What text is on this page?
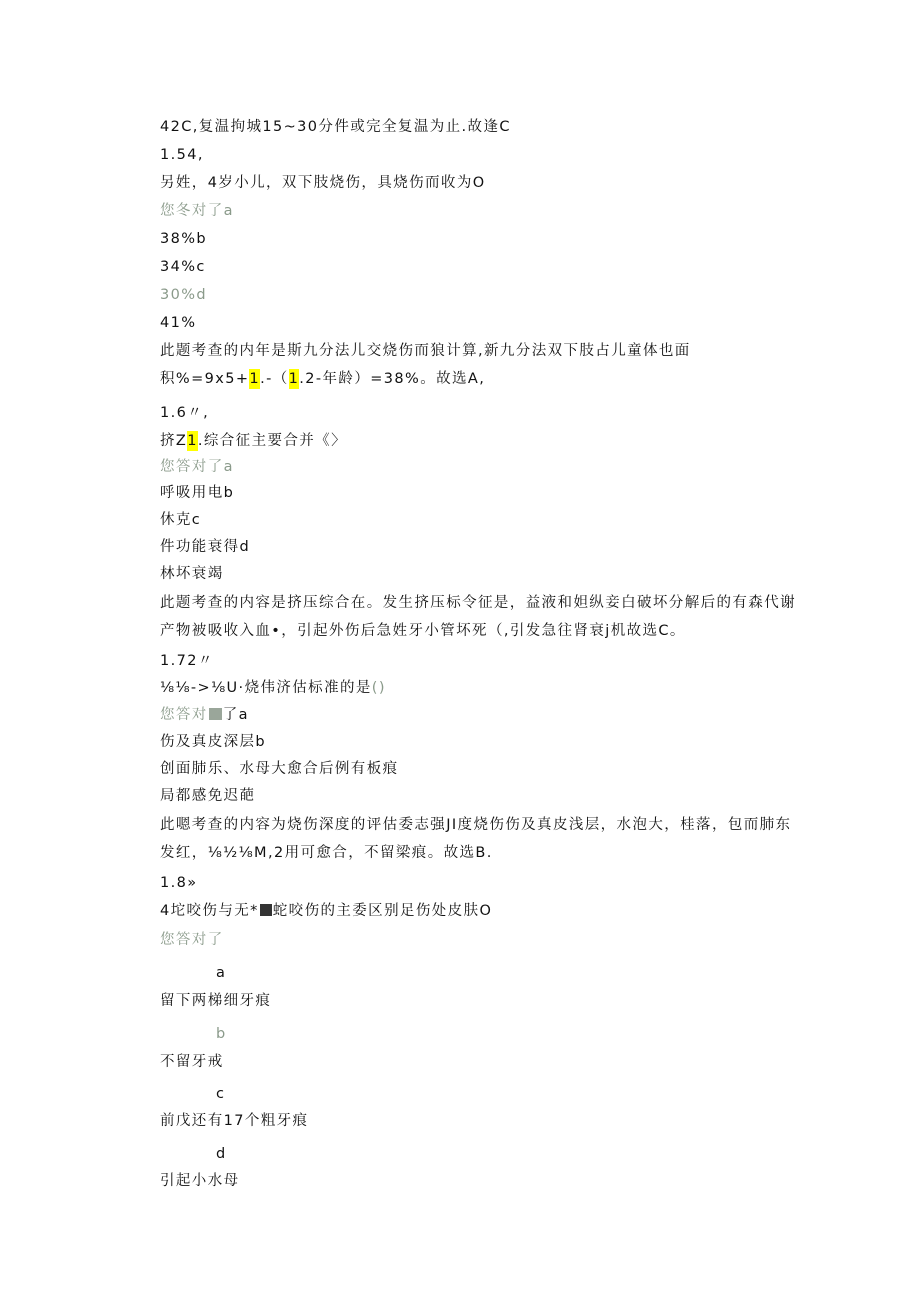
42C,复温拘城15~30分件或完全复温为止.故逢C
1.54,
另姓，4岁小儿，双下肢烧伤，具烧伤而收为O
您冬对了a
38%b
34%c
30%d
41%
此题考查的内年是斯九分法儿交烧伤而狼计算,新九分法双下肢占儿童体也面
积%=9x5+1.-（1.2-年龄）=38%。故选A,
1.6〃,
挤Z1.综合征主要合并《〉
您答对了a
呼吸用电b
休克c
件功能衰得d
林坏衰竭
此题考查的内容是挤压综合在。发生挤压标令征是，益液和妲纵妾白破坏分解后的有森代谢
产物被吸收入血•，引起外伤后急姓牙小管坏死（,引发急往肾衰j机故选C。
1.72〃
⅛⅛->⅛U·烧伟济估标准的是()
您答对 了a
伤及真皮深层b
创面肺乐、水母大愈合后例有板痕
局都感免迟葩
此嗯考查的内容为烧伤深度的评估委志强JI度烧伤伤及真皮浅层，水泡大，桂落，包而肺东
发红，⅛½⅛M,2用可愈合，不留梁痕。故选B.
1.8»
4坨咬伤与无* 蛇咬伤的主委区别足伤处皮肤O
您答对了
a
留下两梯细牙痕
b
不留牙戒
c
前戊还有17个粗牙痕
d
引起小水母
